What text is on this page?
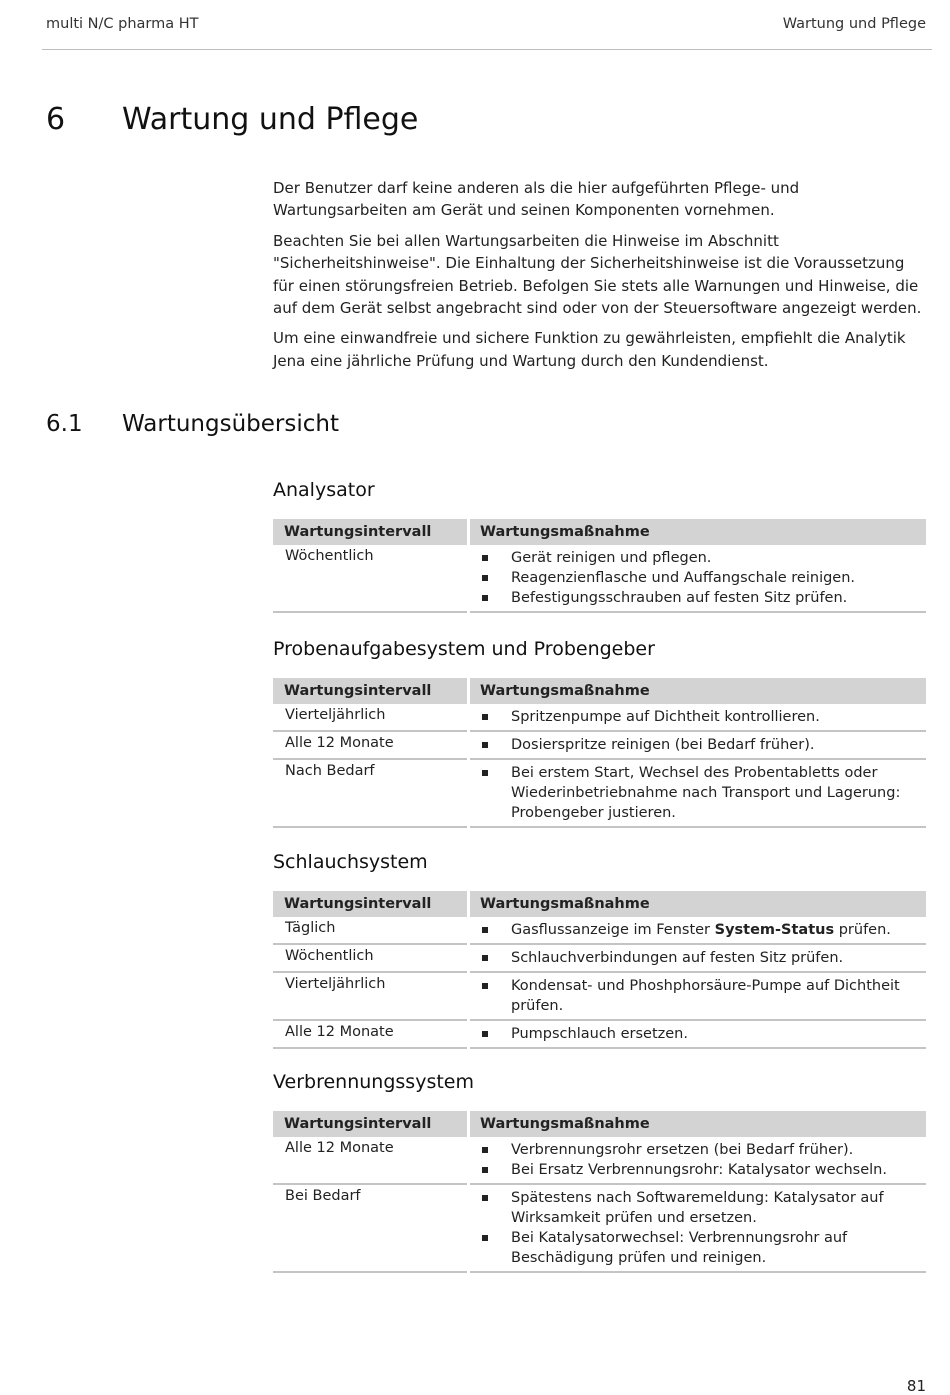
multi N/C pharma HT	Wartung und Pflege
6 Wartung und Pflege

Der Benutzer darf keine anderen als die hier aufgeführten Pflege- und Wartungsarbeiten am Gerät und seinen Komponenten vornehmen.

Beachten Sie bei allen Wartungsarbeiten die Hinweise im Abschnitt "Sicherheitshinweise". Die Einhaltung der Sicherheitshinweise ist die Voraussetzung für einen störungsfreien Betrieb. Befolgen Sie stets alle Warnungen und Hinweise, die auf dem Gerät selbst angebracht sind oder von der Steuersoftware angezeigt werden.

Um eine einwandfreie und sichere Funktion zu gewährleisten, empfiehlt die Analytik Jena eine jährliche Prüfung und Wartung durch den Kundendienst.

6.1 Wartungsübersicht
Analysator
Wartungsintervall	Wartungsmaßnahme
Wöchentlich	Gerät reinigen und pflegen.
Reagenzienflasche und Auffangschale reinigen.
Befestigungsschrauben auf festen Sitz prüfen.
Probenaufgabesystem und Probengeber
Wartungsintervall	Wartungsmaßnahme
Vierteljährlich	Spritzenpumpe auf Dichtheit kontrollieren.
Alle 12 Monate	Dosierspritze reinigen (bei Bedarf früher).
Nach Bedarf	Bei erstem Start, Wechsel des Probentabletts oder Wiederinbetriebnahme nach Transport und Lagerung: Probengeber justieren.
Schlauchsystem
Wartungsintervall	Wartungsmaßnahme
Täglich	Gasflussanzeige im Fenster System-Status prüfen.
Wöchentlich	Schlauchverbindungen auf festen Sitz prüfen.
Vierteljährlich	Kondensat- und Phoshphorsäure-Pumpe auf Dichtheit prüfen.
Alle 12 Monate	Pumpschlauch ersetzen.
Verbrennungssystem
Wartungsintervall	Wartungsmaßnahme
Alle 12 Monate	Verbrennungsrohr ersetzen (bei Bedarf früher).
Bei Ersatz Verbrennungsrohr: Katalysator wechseln.
Bei Bedarf	Spätestens nach Softwaremeldung: Katalysator auf Wirksamkeit prüfen und ersetzen.
Bei Katalysatorwechsel: Verbrennungsrohr auf Beschädigung prüfen und reinigen.
81
